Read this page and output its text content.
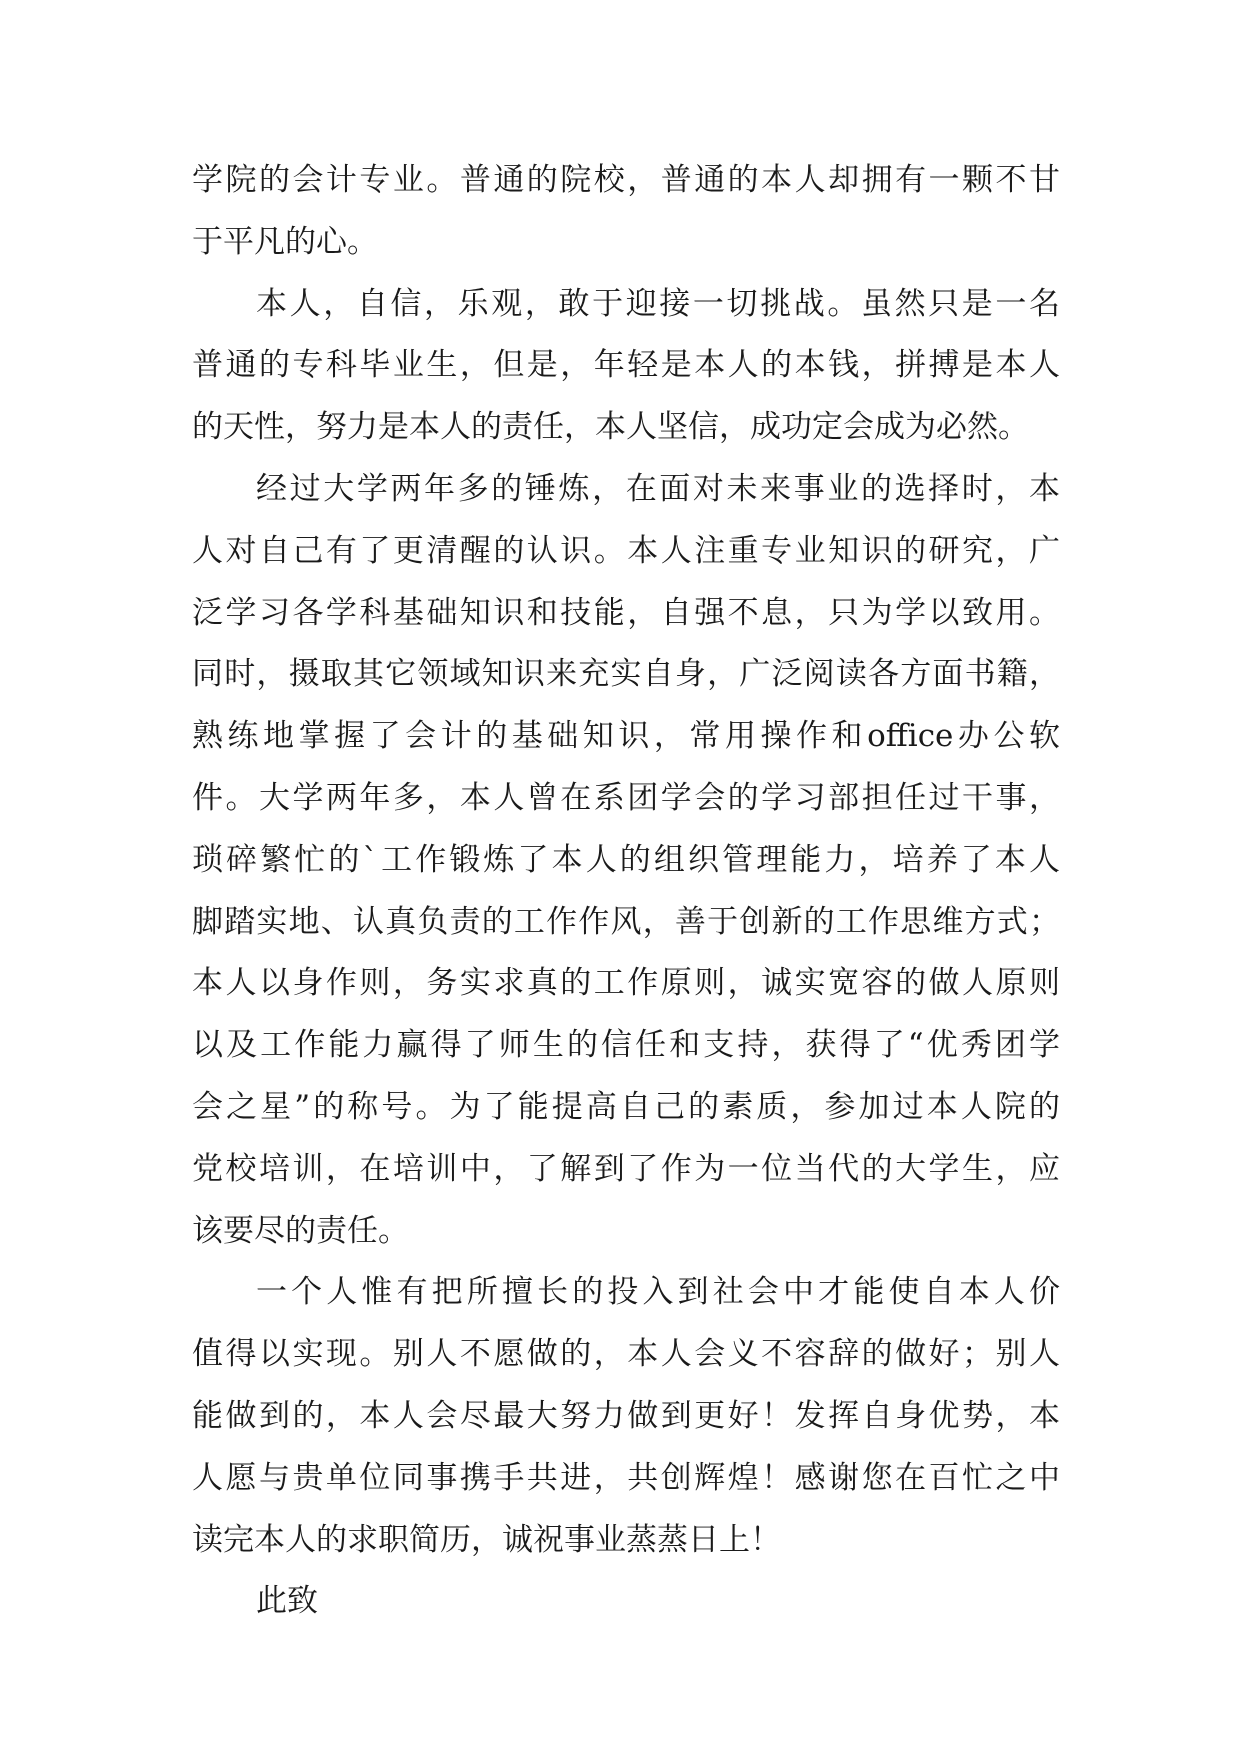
学院的会计专业。普通的院校，普通的本人却拥有一颗不甘
于平凡的心。
本人，自信，乐观，敢于迎接一切挑战。虽然只是一名
普通的专科毕业生，但是，年轻是本人的本钱，拼搏是本人
的天性，努力是本人的责任，本人坚信，成功定会成为必然。
经过大学两年多的锤炼，在面对未来事业的选择时，本
人对自己有了更清醒的认识。本人注重专业知识的研究，广
泛学习各学科基础知识和技能，自强不息，只为学以致用。
同时，摄取其它领域知识来充实自身，广泛阅读各方面书籍，
熟练地掌握了会计的基础知识，常用操作和office办公软
件。大学两年多，本人曾在系团学会的学习部担任过干事，
琐碎繁忙的`工作锻炼了本人的组织管理能力，培养了本人
脚踏实地、认真负责的工作作风，善于创新的工作思维方式；
本人以身作则，务实求真的工作原则，诚实宽容的做人原则
以及工作能力赢得了师生的信任和支持，获得了“优秀团学
会之星”的称号。为了能提高自己的素质，参加过本人院的
党校培训，在培训中，了解到了作为一位当代的大学生，应
该要尽的责任。
一个人惟有把所擅长的投入到社会中才能使自本人价
值得以实现。别人不愿做的，本人会义不容辞的做好；别人
能做到的，本人会尽最大努力做到更好！发挥自身优势，本
人愿与贵单位同事携手共进，共创辉煌！感谢您在百忙之中
读完本人的求职简历，诚祝事业蒸蒸日上！
此致
